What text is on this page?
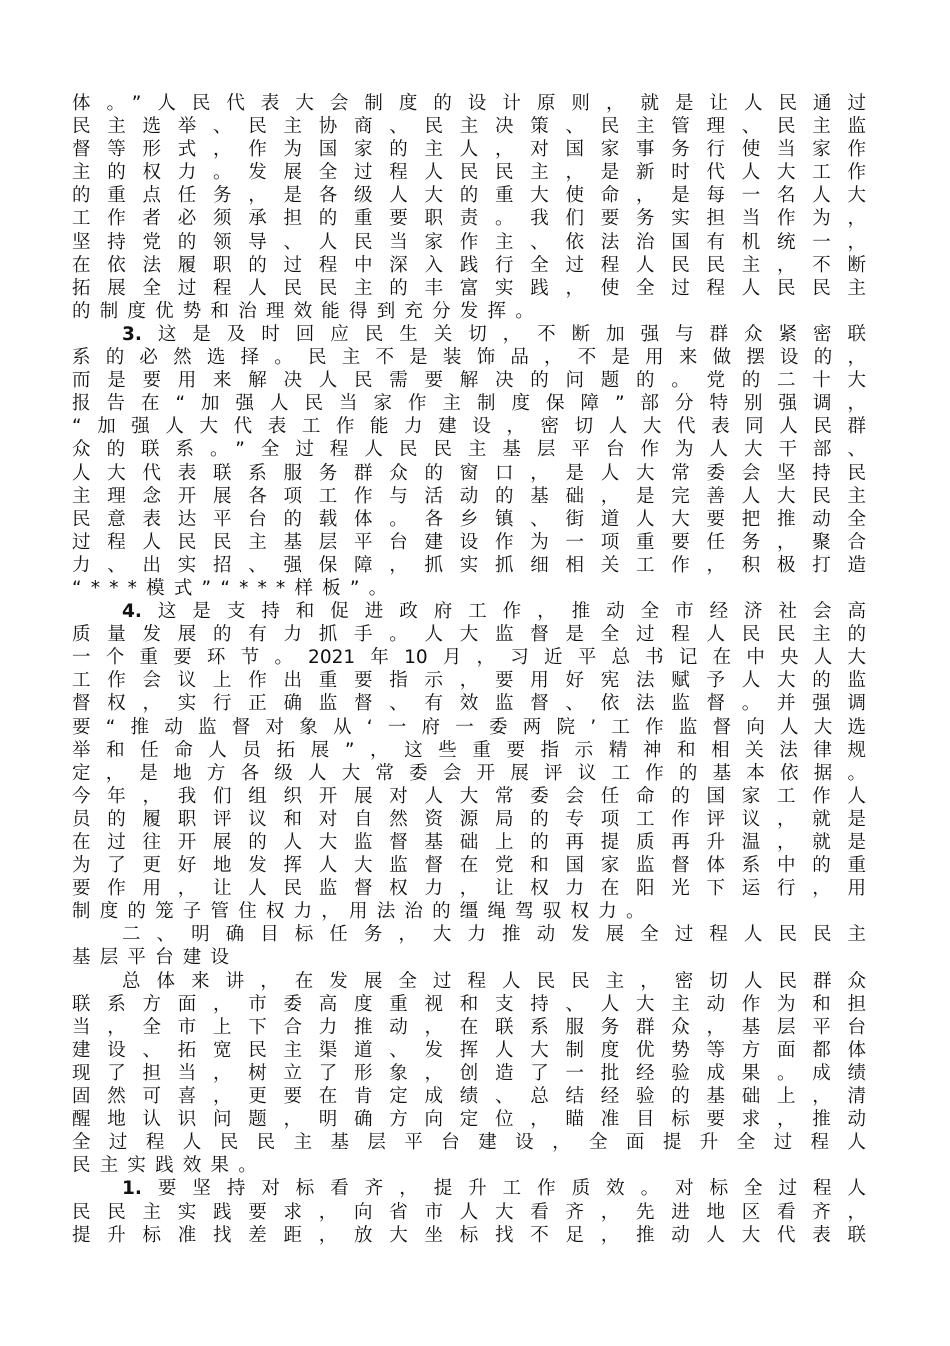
体。”人民代表大会制度的设计原则，就是让人民通过
民主选举、民主协商、民主决策、民主管理、民主监
督等形式，作为国家的主人，对国家事务行使当家作
主的权力。发展全过程人民民主，是新时代人大工作
的重点任务，是各级人大的重大使命，是每一名人大
工作者必须承担的重要职责。我们要务实担当作为，
坚持党的领导、人民当家作主、依法治国有机统一，
在依法履职的过程中深入践行全过程人民民主，不断
拓展全过程人民民主的丰富实践，使全过程人民民主
的制度优势和治理效能得到充分发挥。
3.这是及时回应民生关切，不断加强与群众紧密联
系的必然选择。民主不是装饰品，不是用来做摆设的，
而是要用来解决人民需要解决的问题的。党的二十大
报告在“加强人民当家作主制度保障”部分特别强调，
“加强人大代表工作能力建设，密切人大代表同人民群
众的联系。”全过程人民民主基层平台作为人大干部、
人大代表联系服务群众的窗口，是人大常委会坚持民
主理念开展各项工作与活动的基础，是完善人大民主
民意表达平台的载体。各乡镇、街道人大要把推动全
过程人民民主基层平台建设作为一项重要任务，聚合
力、出实招、强保障，抓实抓细相关工作，积极打造
“***模式”“***样板”。
4.这是支持和促进政府工作，推动全市经济社会高
质量发展的有力抓手。人大监督是全过程人民民主的
一个重要环节。2021年10月，习近平总书记在中央人大
工作会议上作出重要指示，要用好宪法赋予人大的监
督权，实行正确监督、有效监督、依法监督。并强调
要“推动监督对象从‘一府一委两院’工作监督向人大选
举和任命人员拓展”，这些重要指示精神和相关法律规
定，是地方各级人大常委会开展评议工作的基本依据。
今年，我们组织开展对人大常委会任命的国家工作人
员的履职评议和对自然资源局的专项工作评议，就是
在过往开展的人大监督基础上的再提质再升温，就是
为了更好地发挥人大监督在党和国家监督体系中的重
要作用，让人民监督权力，让权力在阳光下运行，用
制度的笼子管住权力，用法治的缰绳驾驭权力。
二、明确目标任务，大力推动发展全过程人民民主
基层平台建设
总体来讲，在发展全过程人民民主，密切人民群众
联系方面，市委高度重视和支持、人大主动作为和担
当，全市上下合力推动，在联系服务群众，基层平台
建设、拓宽民主渠道、发挥人大制度优势等方面都体
现了担当，树立了形象，创造了一批经验成果。成绩
固然可喜，更要在肯定成绩、总结经验的基础上，清
醒地认识问题，明确方向定位，瞄准目标要求，推动
全过程人民民主基层平台建设，全面提升全过程人
民主实践效果。
1.要坚持对标看齐，提升工作质效。对标全过程人
民民主实践要求，向省市人大看齐，先进地区看齐，
提升标准找差距，放大坐标找不足，推动人大代表联
